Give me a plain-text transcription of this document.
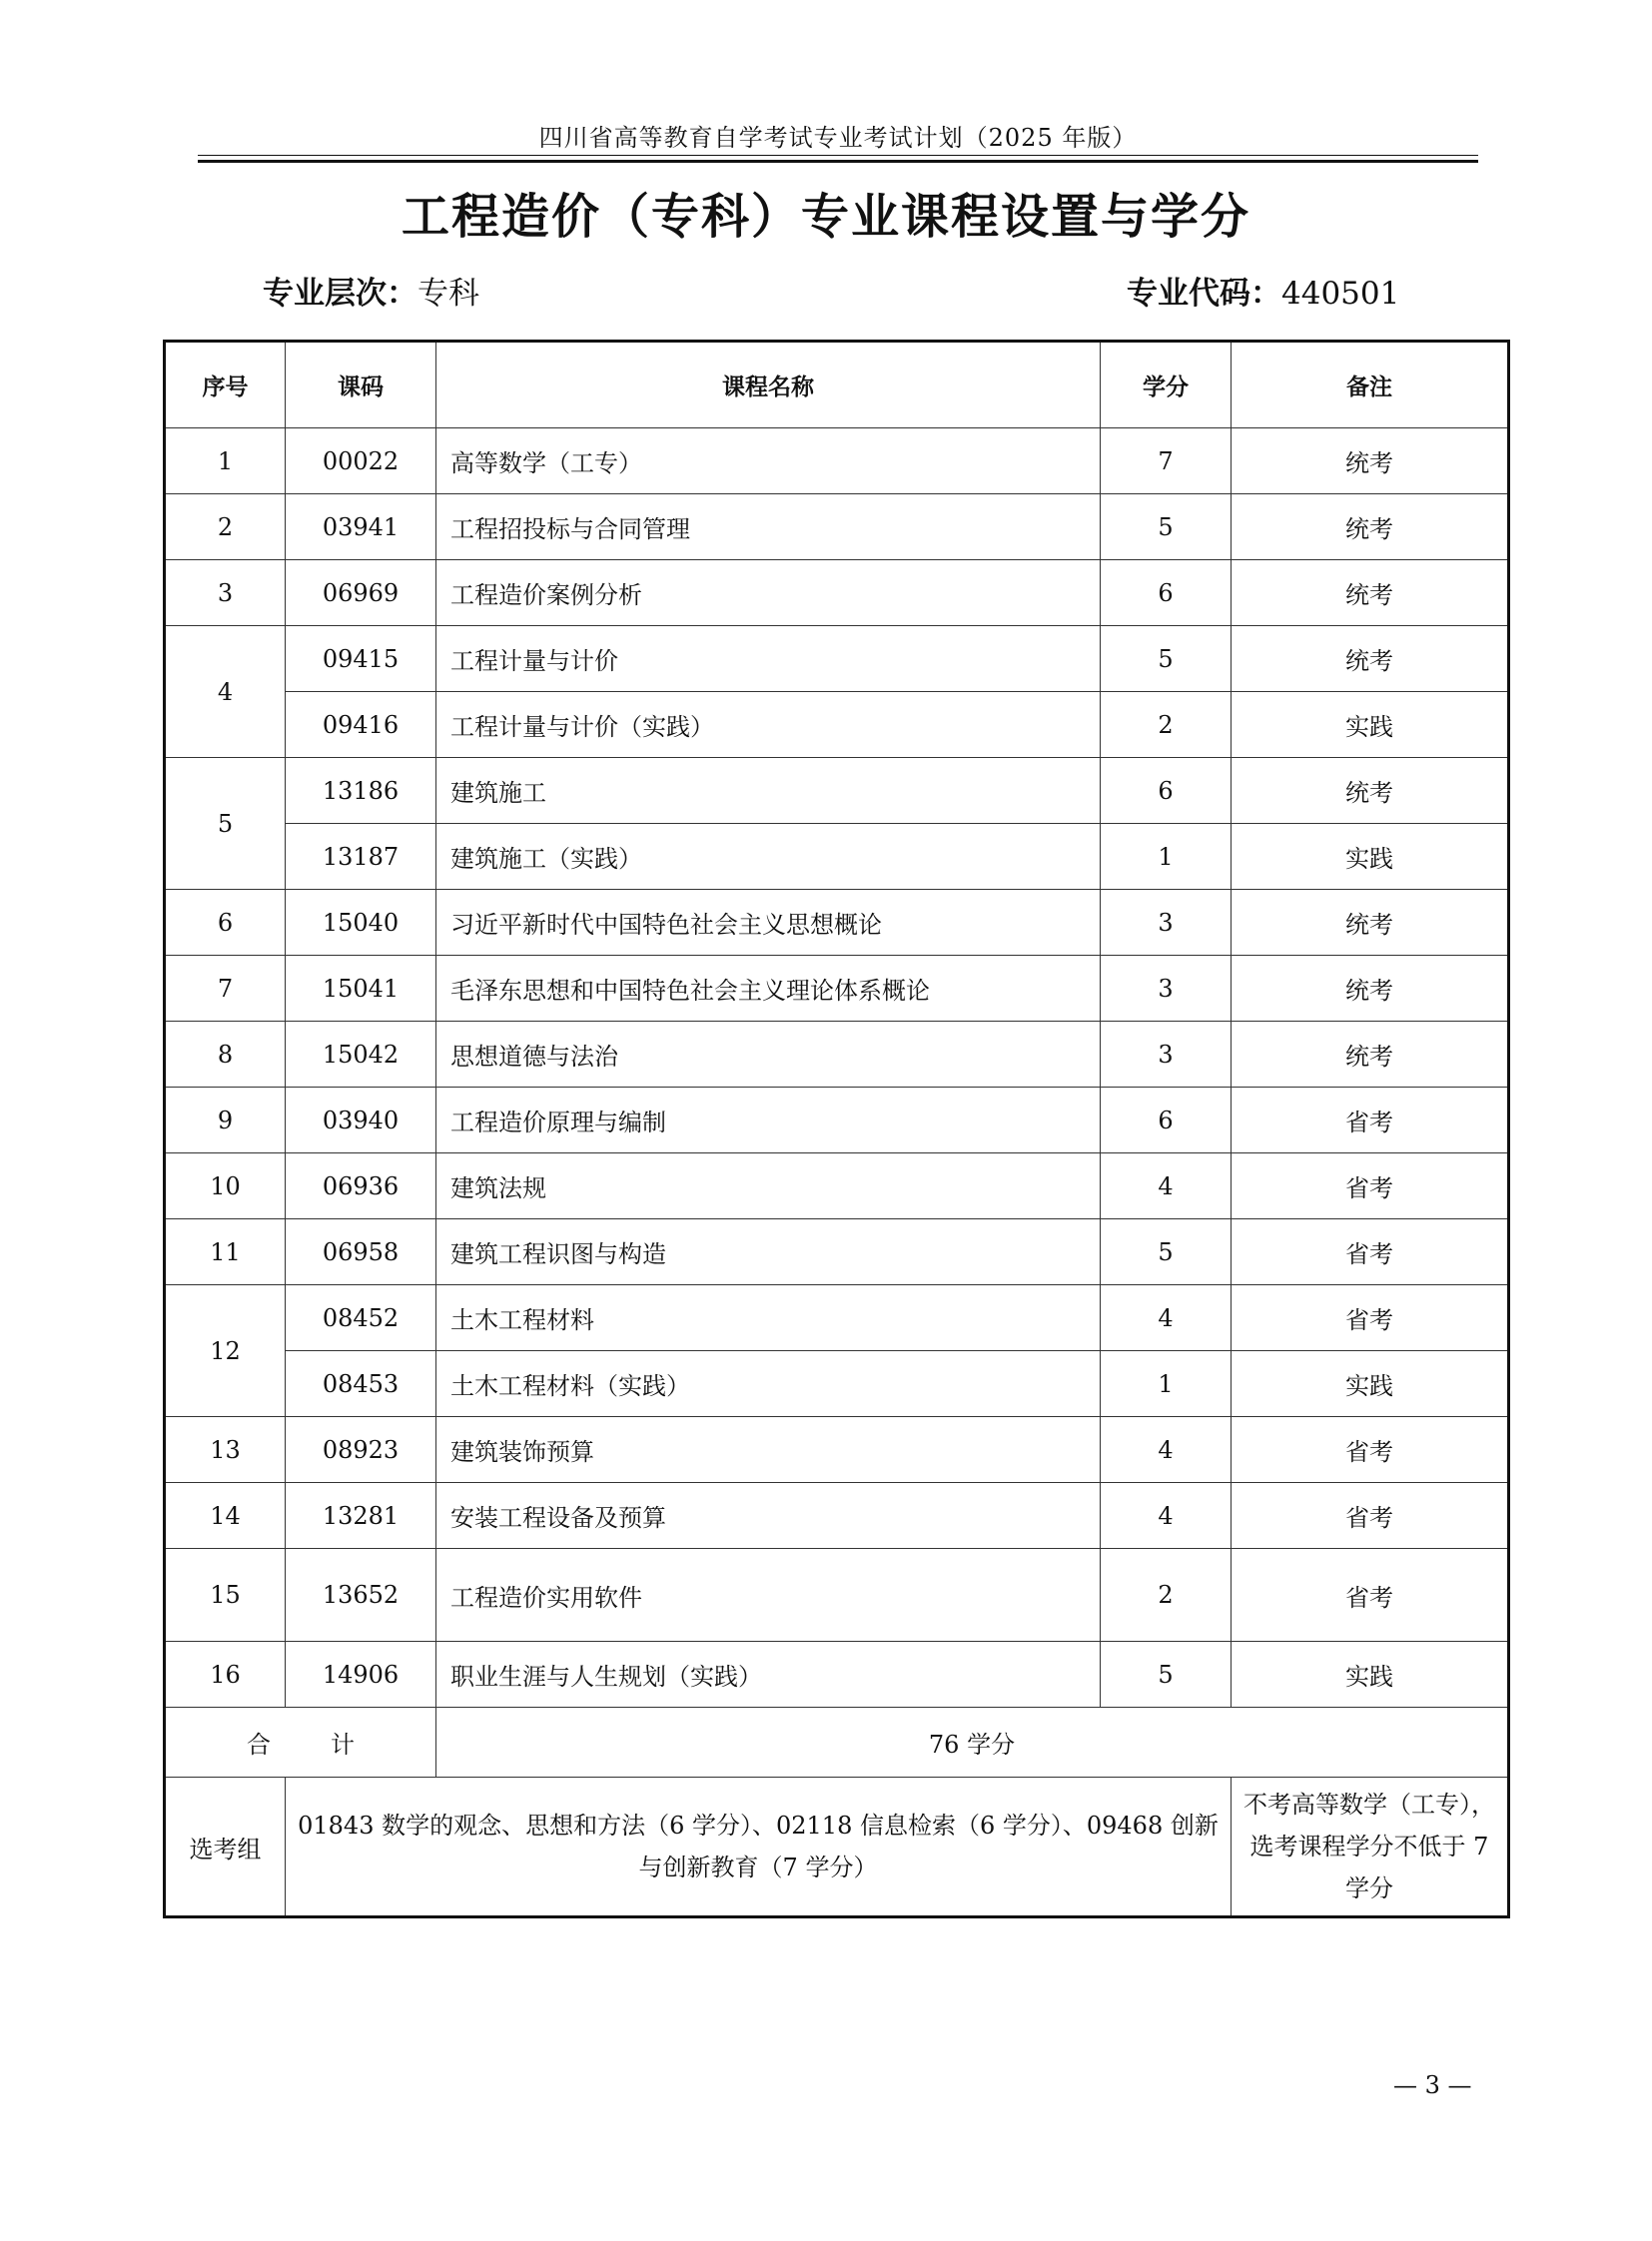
四川省高等教育自学考试专业考试计划（2025 年版）
工程造价（专科）专业课程设置与学分
专业层次：专科	专业代码：440501
序号	课码	课程名称	学分	备注
1	00022	高等数学（工专）	7	统考
2	03941	工程招投标与合同管理	5	统考
3	06969	工程造价案例分析	6	统考
4	09415	工程计量与计价	5	统考
	09416	工程计量与计价（实践）	2	实践
5	13186	建筑施工	6	统考
	13187	建筑施工（实践）	1	实践
6	15040	习近平新时代中国特色社会主义思想概论	3	统考
7	15041	毛泽东思想和中国特色社会主义理论体系概论	3	统考
8	15042	思想道德与法治	3	统考
9	03940	工程造价原理与编制	6	省考
10	06936	建筑法规	4	省考
11	06958	建筑工程识图与构造	5	省考
12	08452	土木工程材料	4	省考
	08453	土木工程材料（实践）	1	实践
13	08923	建筑装饰预算	4	省考
14	13281	安装工程设备及预算	4	省考
15	13652	工程造价实用软件	2	省考
16	14906	职业生涯与人生规划（实践）	5	实践
合 计		76 学分		
选考组	01843 数学的观念、思想和方法（6 学分）、02118 信息检索（6 学分）、09468 创新与创新教育（7 学分）			不考高等数学（工专），选考课程学分不低于 7 学分
— 3 —
